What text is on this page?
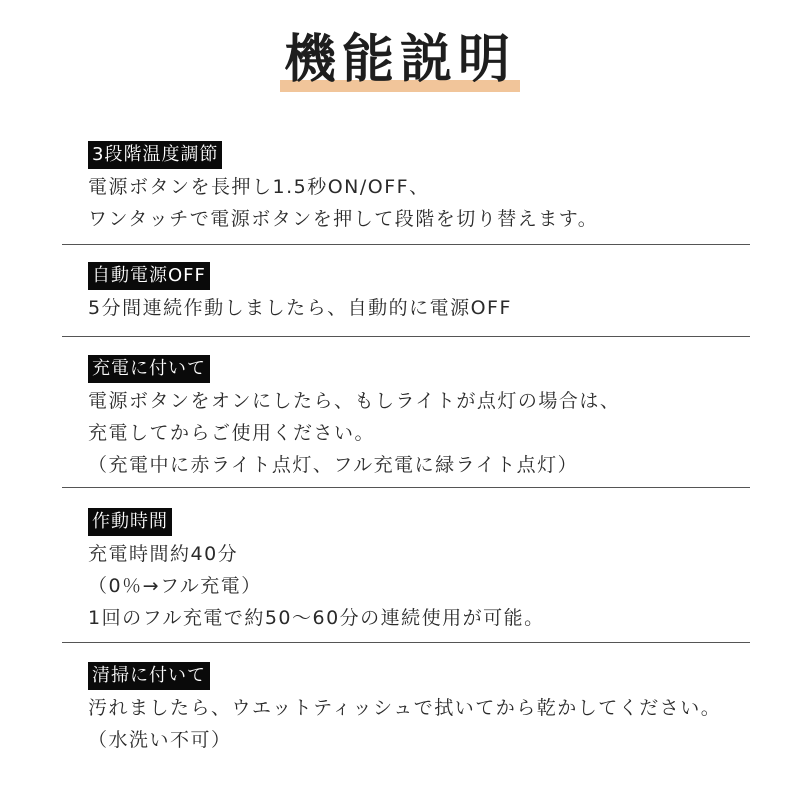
機能説明
3段階温度調節
電源ボタンを長押し1.5秒ON/OFF、
ワンタッチで電源ボタンを押して段階を切り替えます。
自動電源OFF
5分間連続作動しましたら、自動的に電源OFF
充電に付いて
電源ボタンをオンにしたら、もしライトが点灯の場合は、
充電してからご使用ください。
（充電中に赤ライト点灯、フル充電に緑ライト点灯）
作動時間
充電時間約40分
（0％→フル充電）
1回のフル充電で約50～60分の連続使用が可能。
清掃に付いて
汚れましたら、ウエットティッシュで拭いてから乾かしてください。
（水洗い不可）
